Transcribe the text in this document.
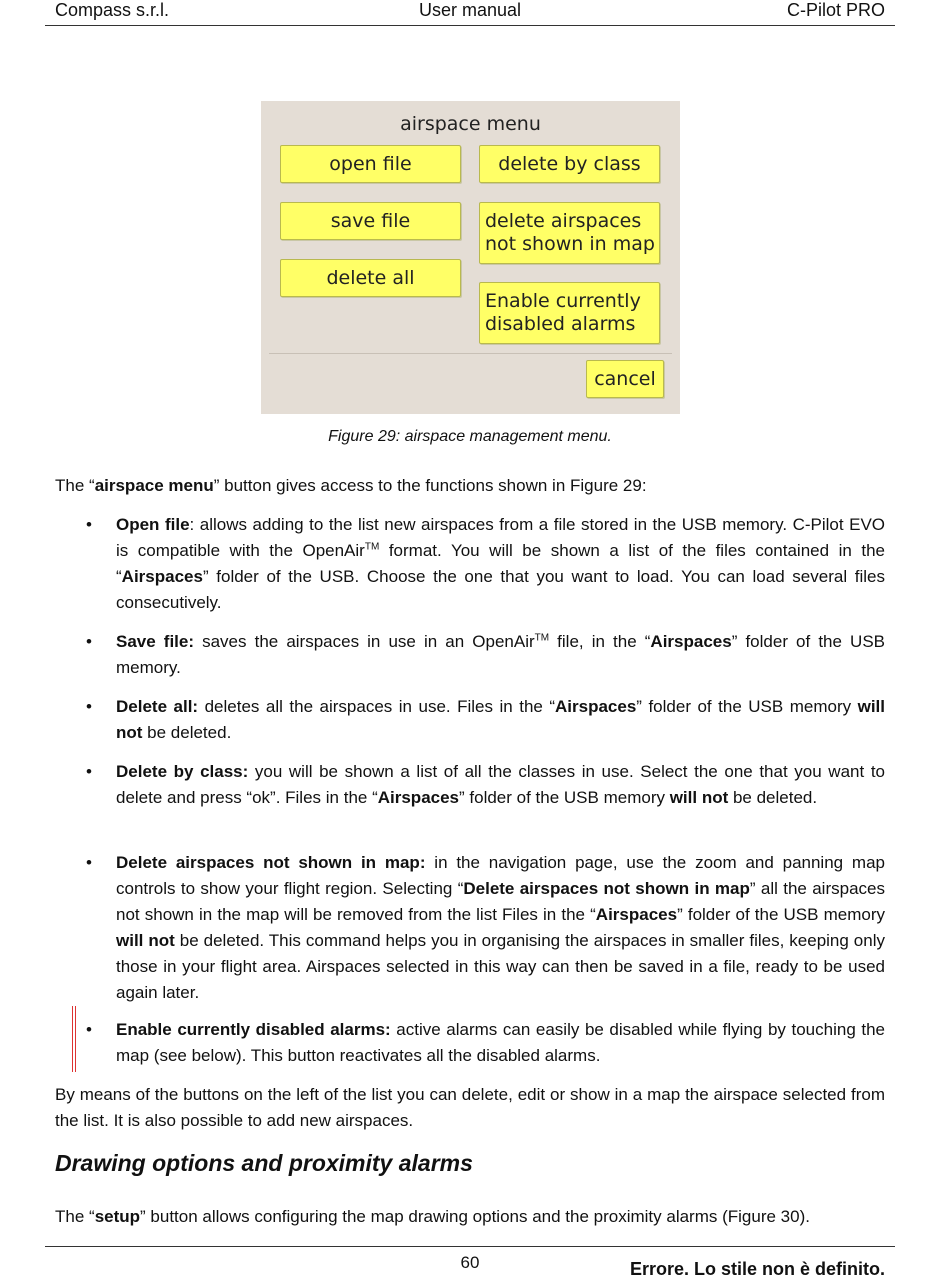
Compass s.r.l.	User manual	C-Pilot PRO
airspace menu
open file
save file
delete all
delete by class
delete airspaces
not shown in map
Enable currently
disabled alarms
cancel
Figure 29: airspace management menu.

The “airspace menu” button gives access to the functions shown in Figure 29:

• Open file: allows adding to the list new airspaces from a file stored in the USB memory. C-Pilot EVO is compatible with the OpenAir™ format. You will be shown a list of the files contained in the “Airspaces” folder of the USB. Choose the one that you want to load. You can load several files consecutively.

• Save file: saves the airspaces in use in an OpenAir™ file, in the “Airspaces” folder of the USB memory.

• Delete all: deletes all the airspaces in use. Files in the “Airspaces” folder of the USB memory will not be deleted.

• Delete by class: you will be shown a list of all the classes in use. Select the one that you want to delete and press “ok”. Files in the “Airspaces” folder of the USB memory will not be deleted.

• Delete airspaces not shown in map: in the navigation page, use the zoom and panning map controls to show your flight region. Selecting “Delete airspaces not shown in map” all the airspaces not shown in the map will be removed from the list Files in the “Airspaces” folder of the USB memory will not be deleted. This command helps you in organising the airspaces in smaller files, keeping only those in your flight area. Airspaces selected in this way can then be saved in a file, ready to be used again later.

• Enable currently disabled alarms: active alarms can easily be disabled while flying by touching the map (see below). This button reactivates all the disabled alarms.

By means of the buttons on the left of the list you can delete, edit or show in a map the airspace selected from the list. It is also possible to add new airspaces.

Drawing options and proximity alarms

The “setup” button allows configuring the map drawing options and the proximity alarms (Figure 30).

60	Errore. Lo stile non è definito.
